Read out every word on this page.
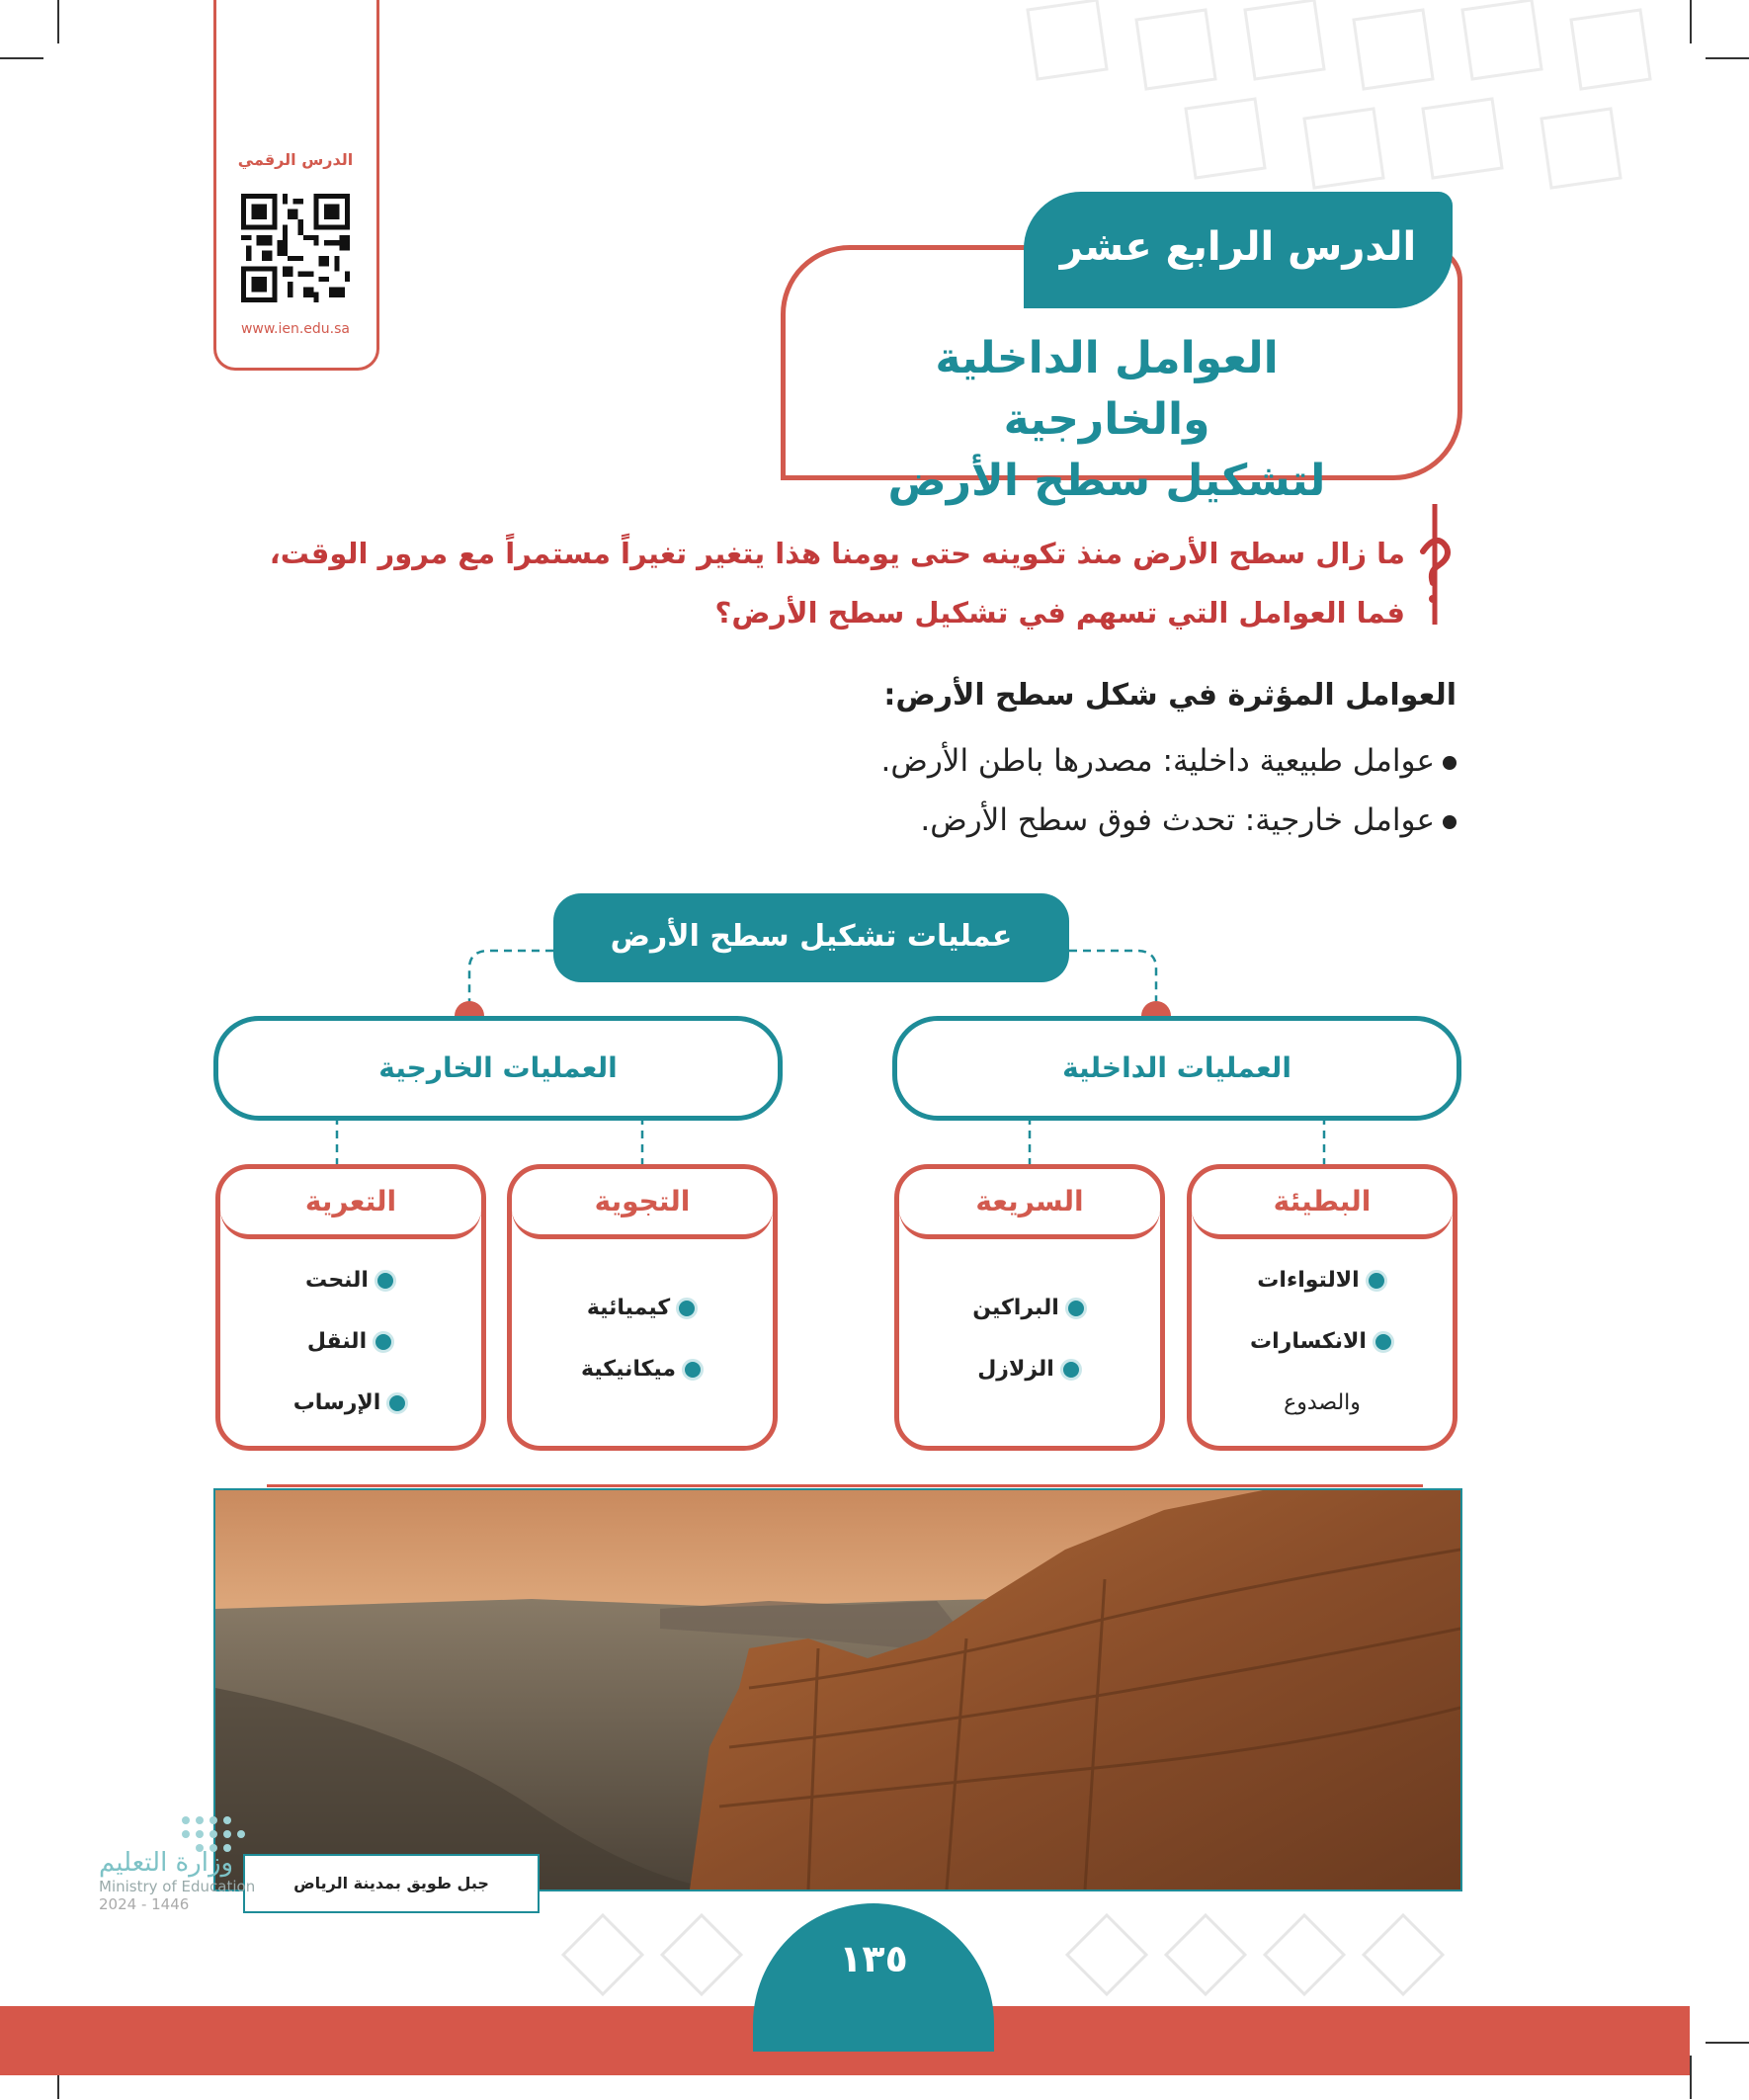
الدرس الرقمي
www.ien.edu.sa
الدرس الرابع عشر
العوامل الداخلية والخارجية
لتشكيل سطح الأرض
ما زال سطح الأرض منذ تكوينه حتى يومنا هذا يتغير تغيراً مستمراً مع مرور الوقت،
فما العوامل التي تسهم في تشكيل سطح الأرض؟
العوامل المؤثرة في شكل سطح الأرض:
عوامل طبيعية داخلية: مصدرها باطن الأرض.
عوامل خارجية: تحدث فوق سطح الأرض.
عمليات تشكيل سطح الأرض
العمليات الخارجية	العمليات الداخلية
التعرية
النحت
النقل
الإرساب
التجوية
كيميائية
ميكانيكية
السريعة
البراكين
الزلازل
البطيئة
الالتواءات
الانكسارات
والصدوع
جبل طويق بمدينة الرياض
وزارة التعليم
Ministry of Education
2024 - 1446
١٣٥
